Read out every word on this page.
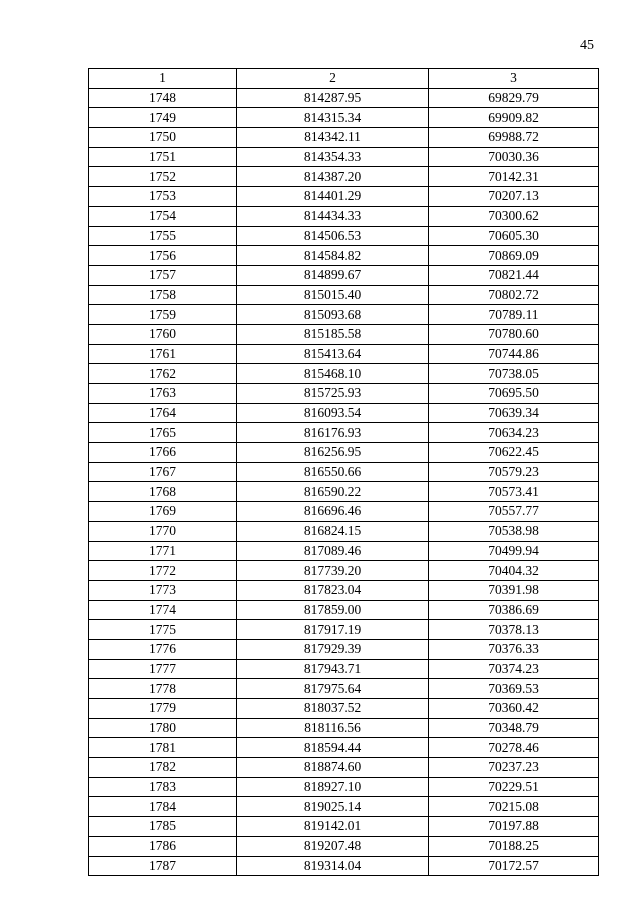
45
1	2	3
1748	814287.95	69829.79
1749	814315.34	69909.82
1750	814342.11	69988.72
1751	814354.33	70030.36
1752	814387.20	70142.31
1753	814401.29	70207.13
1754	814434.33	70300.62
1755	814506.53	70605.30
1756	814584.82	70869.09
1757	814899.67	70821.44
1758	815015.40	70802.72
1759	815093.68	70789.11
1760	815185.58	70780.60
1761	815413.64	70744.86
1762	815468.10	70738.05
1763	815725.93	70695.50
1764	816093.54	70639.34
1765	816176.93	70634.23
1766	816256.95	70622.45
1767	816550.66	70579.23
1768	816590.22	70573.41
1769	816696.46	70557.77
1770	816824.15	70538.98
1771	817089.46	70499.94
1772	817739.20	70404.32
1773	817823.04	70391.98
1774	817859.00	70386.69
1775	817917.19	70378.13
1776	817929.39	70376.33
1777	817943.71	70374.23
1778	817975.64	70369.53
1779	818037.52	70360.42
1780	818116.56	70348.79
1781	818594.44	70278.46
1782	818874.60	70237.23
1783	818927.10	70229.51
1784	819025.14	70215.08
1785	819142.01	70197.88
1786	819207.48	70188.25
1787	819314.04	70172.57
